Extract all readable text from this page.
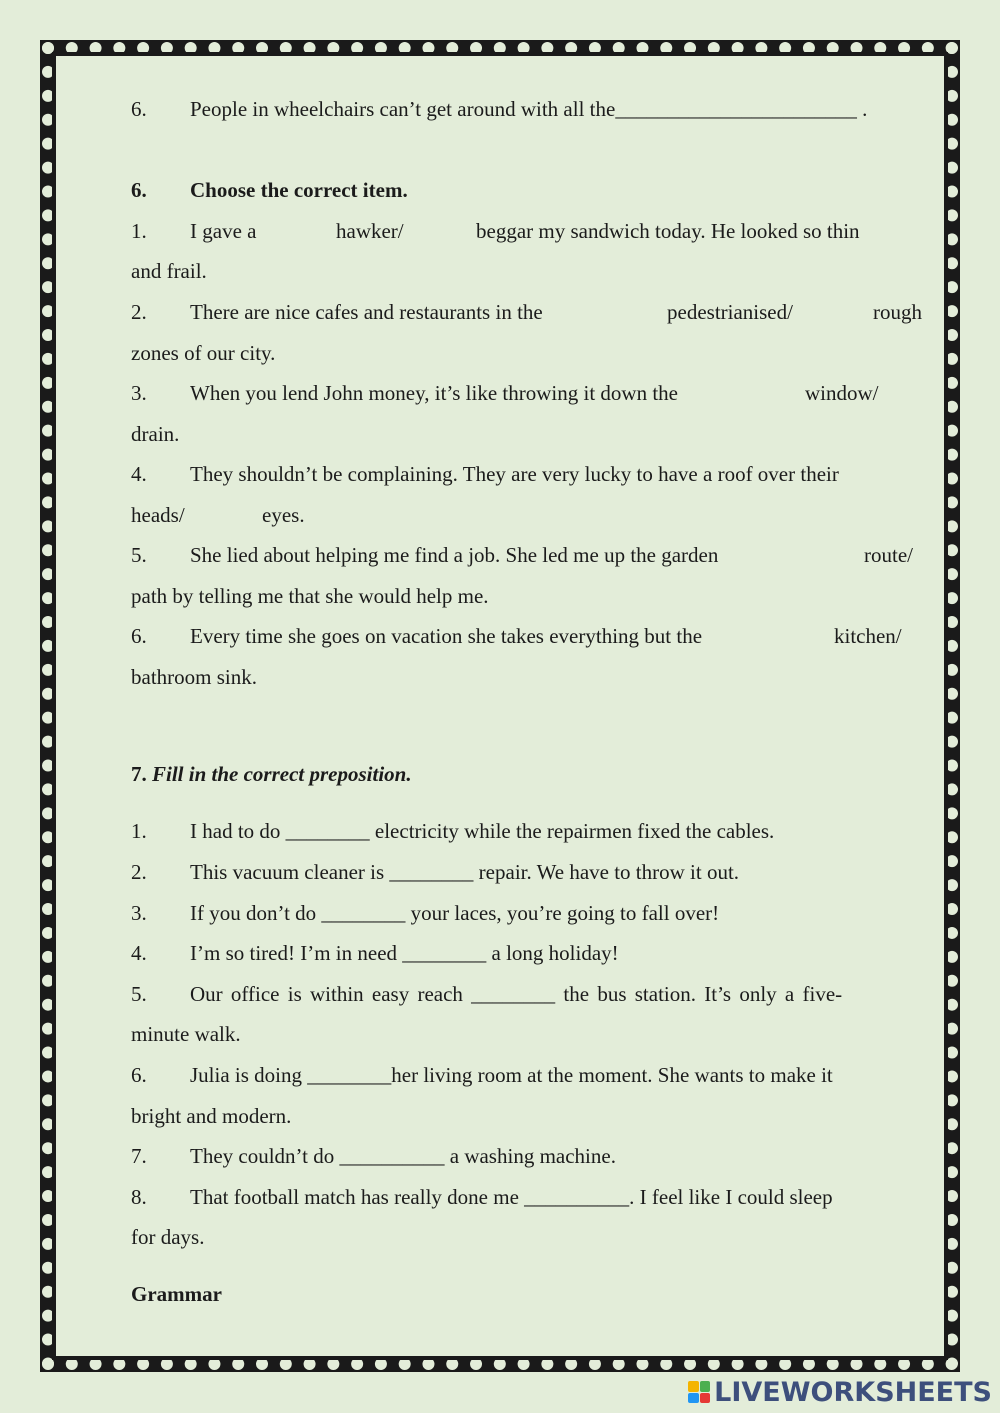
6. People in wheelchairs can’t get around with all the_______________________ .
6. Choose the correct item.
1. I gave a	hawker/	beggar my sandwich today. He looked so thin
and frail.
2. There are nice cafes and restaurants in the	pedestrianised/	rough
zones of our city.
3. When you lend John money, it’s like throwing it down the	window/
drain.
4. They shouldn’t be complaining. They are very lucky to have a roof over their
heads/	eyes.
5. She lied about helping me find a job. She led me up the garden	route/
path by telling me that she would help me.
6. Every time she goes on vacation she takes everything but the	kitchen/
bathroom sink.
7. Fill in the correct preposition.
1. I had to do ________ electricity while the repairmen fixed the cables.
2. This vacuum cleaner is ________ repair. We have to throw it out.
3. If you don’t do ________ your laces, you’re going to fall over!
4. I’m so tired! I’m in need ________ a long holiday!
5. Our office is within easy reach ________ the bus station. It’s only a five-
minute walk.
6. Julia is doing ________her living room at the moment. She wants to make it
bright and modern.
7. They couldn’t do __________ a washing machine.
8. That football match has really done me __________. I feel like I could sleep
for days.
Grammar
LIVEWORKSHEETS
